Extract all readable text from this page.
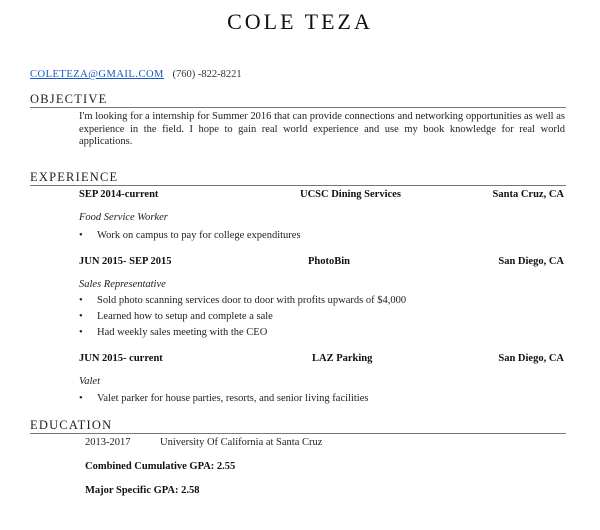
COLE TEZA
COLETEZA@GMAIL.COM (760) -822-8221
OBJECTIVE
I'm looking for a internship for Summer 2016 that can provide connections and networking opportunities as well as experience in the field. I hope to gain real world experience and use my book knowledge for real world applications.
EXPERIENCE
SEP 2014-current	UCSC Dining Services	Santa Cruz, CA
Food Service Worker
• Work on campus to pay for college expenditures
JUN 2015- SEP 2015	PhotoBin	San Diego, CA
Sales Representative
• Sold photo scanning services door to door with profits upwards of $4,000
• Learned how to setup and complete a sale
• Had weekly sales meeting with the CEO
JUN 2015- current	LAZ Parking	San Diego, CA
Valet
• Valet parker for house parties, resorts, and senior living facilities
EDUCATION
2013-2017	University Of California at Santa Cruz
Combined Cumulative GPA: 2.55
Major Specific GPA: 2.58
